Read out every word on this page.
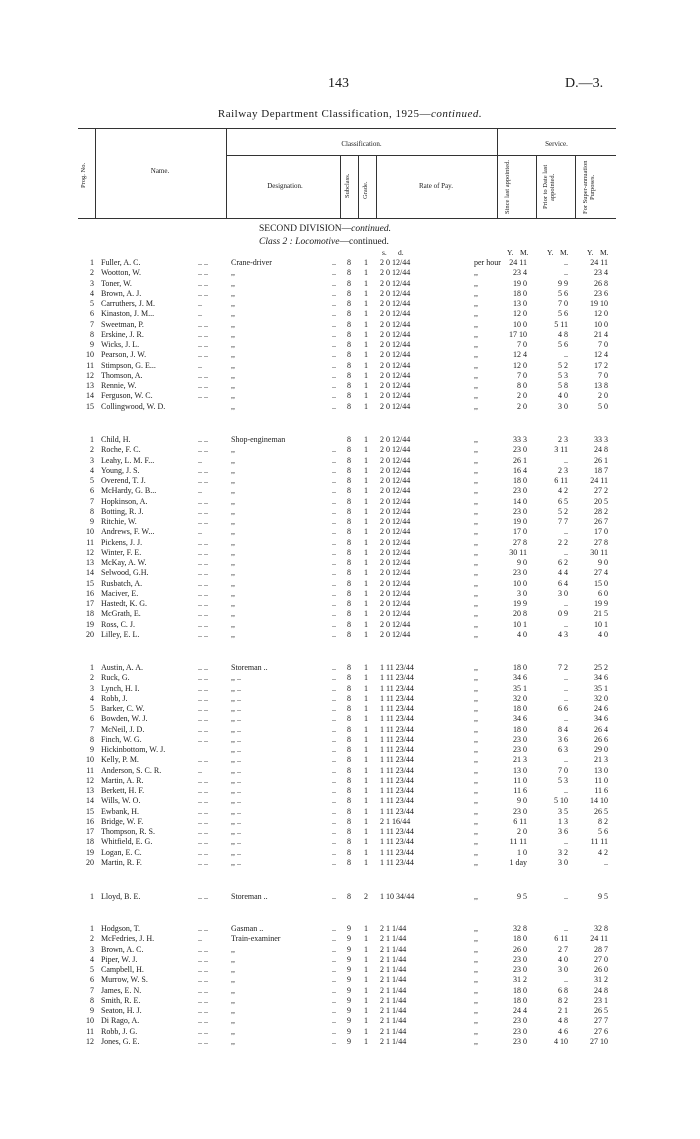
143	D.—3.
Railway Department Classification, 1925—continued.
Prog. No.	Name.
Classification.
Designation.	Subclass. Grade.	Rate of Pay.
Service.
Since last appointed.	Prior to Date last appointed.	For Super-annuation Purposes.
SECOND DIVISION—continued.
Class 2 : Locomotive—continued.
s. d.	Y. M. Y. M. Y. M.
1 Fuller, A. C.	.. ..	Crane-driver	..	8	1	2 0 12/44	per hour	24 11	..	24 11
2 Wootton, W.	.. ..	,,	..	8	1	2 0 12/44	,,	23 4	..	23 4
3 Toner, W.	.. ..	,,	..	8	1	2 0 12/44	,,	19 0	9 9	26 8
4 Brown, A. J.	.. ..	,,	..	8	1	2 0 12/44	,,	18 0	5 6	23 6
5 Carruthers, J. M.	..	,,	..	8	1	2 0 12/44	,,	13 0	7 0	19 10
6 Kinaston, J. M...	..	,,	..	8	1	2 0 12/44	,,	12 0	5 6	12 0
7 Sweetman, P.	.. ..	,,	..	8	1	2 0 12/44	,,	10 0	5 11	10 0
8 Erskine, J. R.	.. ..	,,	..	8	1	2 0 12/44	,,	17 10	4 8	21 4
9 Wicks, J. L.	.. ..	,,	..	8	1	2 0 12/44	,,	7 0	5 6	7 0
10 Pearson, J. W.	.. ..	,,	..	8	1	2 0 12/44	,,	12 4	..	12 4
11 Stimpson, G. E...	..	,,	..	8	1	2 0 12/44	,,	12 0	5 2	17 2
12 Thomson, A.	.. ..	,,	..	8	1	2 0 12/44	,,	7 0	5 3	7 0
13 Rennie, W.	.. ..	,,	..	8	1	2 0 12/44	,,	8 0	5 8	13 8
14 Ferguson, W. C.	.. ..	,,	..	8	1	2 0 12/44	,,	2 0	4 0	2 0
15 Collingwood, W. D.	,,	..	8	1	2 0 12/44	,,	2 0	3 0	5 0
1 Child, H.	.. ..	Shop-engineman	8	1	2 0 12/44	,,	33 3	2 3	33 3
2 Roche, F. C.	.. ..	,,	..	8	1	2 0 12/44	,,	23 0	3 11	24 8
3 Leahy, L. M. F...	..	,,	..	8	1	2 0 12/44	,,	26 1	..	26 1
4 Young, J. S.	.. ..	,,	..	8	1	2 0 12/44	,,	16 4	2 3	18 7
5 Overend, T. J.	.. ..	,,	..	8	1	2 0 12/44	,,	18 0	6 11	24 11
6 McHardy, G. B...	..	,,	..	8	1	2 0 12/44	,,	23 0	4 2	27 2
7 Hopkinson, A.	.. ..	,,	..	8	1	2 0 12/44	,,	14 0	6 5	20 5
8 Botting, R. J.	.. ..	,,	..	8	1	2 0 12/44	,,	23 0	5 2	28 2
9 Ritchie, W.	.. ..	,,	..	8	1	2 0 12/44	,,	19 0	7 7	26 7
10 Andrews, F. W...	..	,,	..	8	1	2 0 12/44	,,	17 0	..	17 0
11 Pickens, J. J.	.. ..	,,	..	8	1	2 0 12/44	,,	27 8	2 2	27 8
12 Winter, F. E.	.. ..	,,	..	8	1	2 0 12/44	,,	30 11	..	30 11
13 McKay, A. W.	.. ..	,,	..	8	1	2 0 12/44	,,	9 0	6 2	9 0
14 Selwood, G.H.	.. ..	,,	..	8	1	2 0 12/44	,,	23 0	4 4	27 4
15 Rusbatch, A.	.. ..	,,	..	8	1	2 0 12/44	,,	10 0	6 4	15 0
16 Maciver, E.	.. ..	,,	..	8	1	2 0 12/44	,,	3 0	3 0	6 0
17 Hastedt, K. G.	.. ..	,,	..	8	1	2 0 12/44	,,	19 9	..	19 9
18 McGrath, E.	.. ..	,,	..	8	1	2 0 12/44	,,	20 8	0 9	21 5
19 Ross, C. J.	.. ..	,,	..	8	1	2 0 12/44	,,	10 1	..	10 1
20 Lilley, E. L.	.. ..	,,	..	8	1	2 0 12/44	,,	4 0	4 3	4 0
1 Austin, A. A.	.. ..	Storeman ..	..	8	1	1 11 23/44	,,	18 0	7 2	25 2
2 Ruck, G.	.. ..	,, ..	..	8	1	1 11 23/44	,,	34 6	..	34 6
3 Lynch, H. I.	.. ..	,, ..	..	8	1	1 11 23/44	,,	35 1	..	35 1
4 Robb, J.	.. ..	,, ..	..	8	1	1 11 23/44	,,	32 0	..	32 0
5 Barker, C. W.	.. ..	,, ..	..	8	1	1 11 23/44	,,	18 0	6 6	24 6
6 Bowden, W. J.	.. ..	,, ..	..	8	1	1 11 23/44	,,	34 6	..	34 6
7 McNeil, J. D.	.. ..	,, ..	..	8	1	1 11 23/44	,,	18 0	8 4	26 4
8 Finch, W. G.	.. ..	,, ..	..	8	1	1 11 23/44	,,	23 0	3 6	26 6
9 Hickinbottom, W. J.	,, ..	..	8	1	1 11 23/44	,,	23 0	6 3	29 0
10 Kelly, P. M.	.. ..	,, ..	..	8	1	1 11 23/44	,,	21 3	..	21 3
11 Anderson, S. C. R.	..	,, ..	..	8	1	1 11 23/44	,,	13 0	7 0	13 0
12 Martin, A. R.	.. ..	,, ..	..	8	1	1 11 23/44	,,	11 0	5 3	11 0
13 Berkett, H. F.	.. ..	,, ..	..	8	1	1 11 23/44	,,	11 6	..	11 6
14 Wills, W. O.	.. ..	,, ..	..	8	1	1 11 23/44	,,	9 0	5 10	14 10
15 Ewbank, H.	.. ..	,, ..	..	8	1	1 11 23/44	,,	23 0	3 5	26 5
16 Bridge, W. F.	.. ..	,, ..	..	8	1	2 1 16/44	,,	6 11	1 3	8 2
17 Thompson, R. S.	.. ..	,, ..	..	8	1	1 11 23/44	,,	2 0	3 6	5 6
18 Whitfield, E. G.	.. ..	,, ..	..	8	1	1 11 23/44	,,	11 11	..	11 11
19 Logan, E. C.	.. ..	,, ..	..	8	1	1 11 23/44	,,	1 0	3 2	4 2
20 Martin, R. F.	.. ..	,, ..	..	8	1	1 11 23/44	,,	1 day	3 0	..
1 Lloyd, B. E.	.. ..	Storeman ..	..	8	2	1 10 34/44	,,	9 5	..	9 5
1 Hodgson, T.	.. ..	Gasman ..	..	9	1	2 1 1/44	,,	32 8	..	32 8
2 McFedries, J. H.	..	Train-examiner	..	9	1	2 1 1/44	,,	18 0	6 11	24 11
3 Brown, A. C.	.. ..	,,	..	9	1	2 1 1/44	,,	26 0	2 7	28 7
4 Piper, W. J.	.. ..	,,	..	9	1	2 1 1/44	,,	23 0	4 0	27 0
5 Campbell, H.	.. ..	,,	..	9	1	2 1 1/44	,,	23 0	3 0	26 0
6 Murrow, W. S.	.. ..	,,	..	9	1	2 1 1/44	,,	31 2	..	31 2
7 James, E. N.	.. ..	,,	..	9	1	2 1 1/44	,,	18 0	6 8	24 8
8 Smith, R. E.	.. ..	,,	..	9	1	2 1 1/44	,,	18 0	8 2	23 1
9 Seaton, H. J.	.. ..	,,	..	9	1	2 1 1/44	,,	24 4	2 1	26 5
10 Di Rago, A.	.. ..	,,	..	9	1	2 1 1/44	,,	23 0	4 8	27 7
11 Robb, J. G.	.. ..	,,	..	9	1	2 1 1/44	,,	23 0	4 6	27 6
12 Jones, G. E.	.. ..	,,	..	9	1	2 1 1/44	,,	23 0	4 10	27 10
